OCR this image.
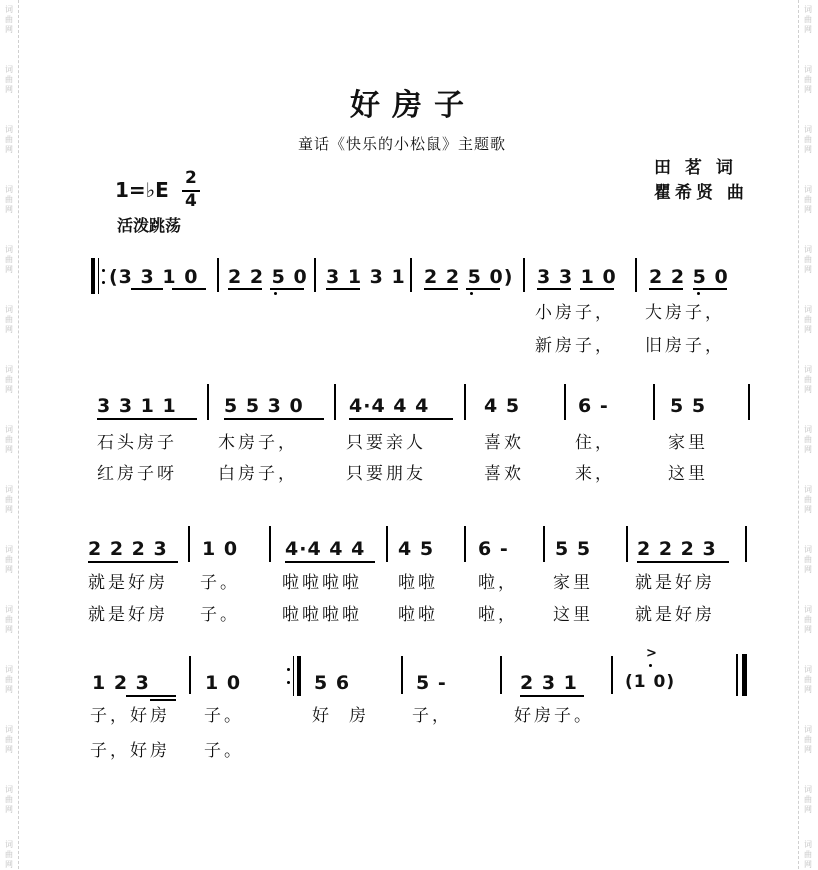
词曲网
词曲网
词曲网
词曲网
词曲网
词曲网
词曲网
词曲网
词曲网
词曲网
词曲网
词曲网
词曲网
词曲网
词曲网
词曲网
词曲网
词曲网
词曲网
词曲网
词曲网
词曲网
词曲网
词曲网
词曲网
词曲网
词曲网
词曲网
词曲网
词曲网
好房子
童话《快乐的小松鼠》主题歌
田 茗 词
瞿希贤 曲
1=♭E 2
4
活泼跳荡
(3 3 1 0 2 2 5 0 3 1 3 1 2 2 5 0) 3 3 1 0 2 2 5 0
小房子， 大房子，
新房子， 旧房子，
3 3 1 1 5 5 3 0 4·4 4 4	4 5	6 -	5 5
石头房子 木房子，	只要亲人	喜欢	住，	家里
红房子呀 白房子，	只要朋友	喜欢	来，	这里
2 2 2 3 1 0 4·4 4 4 4 5 6 - 5 5 2 2 2 3
就是好房 子。 啦啦啦啦 啦啦 啦， 家里 就是好房
就是好房 子。 啦啦啦啦 啦啦 啦， 这里 就是好房
1 2 3	1 0	5 6	5 -	2 3 1
>
(1 0)
子，好房 子。	好房 子，	好房子。
子，好房 子。
